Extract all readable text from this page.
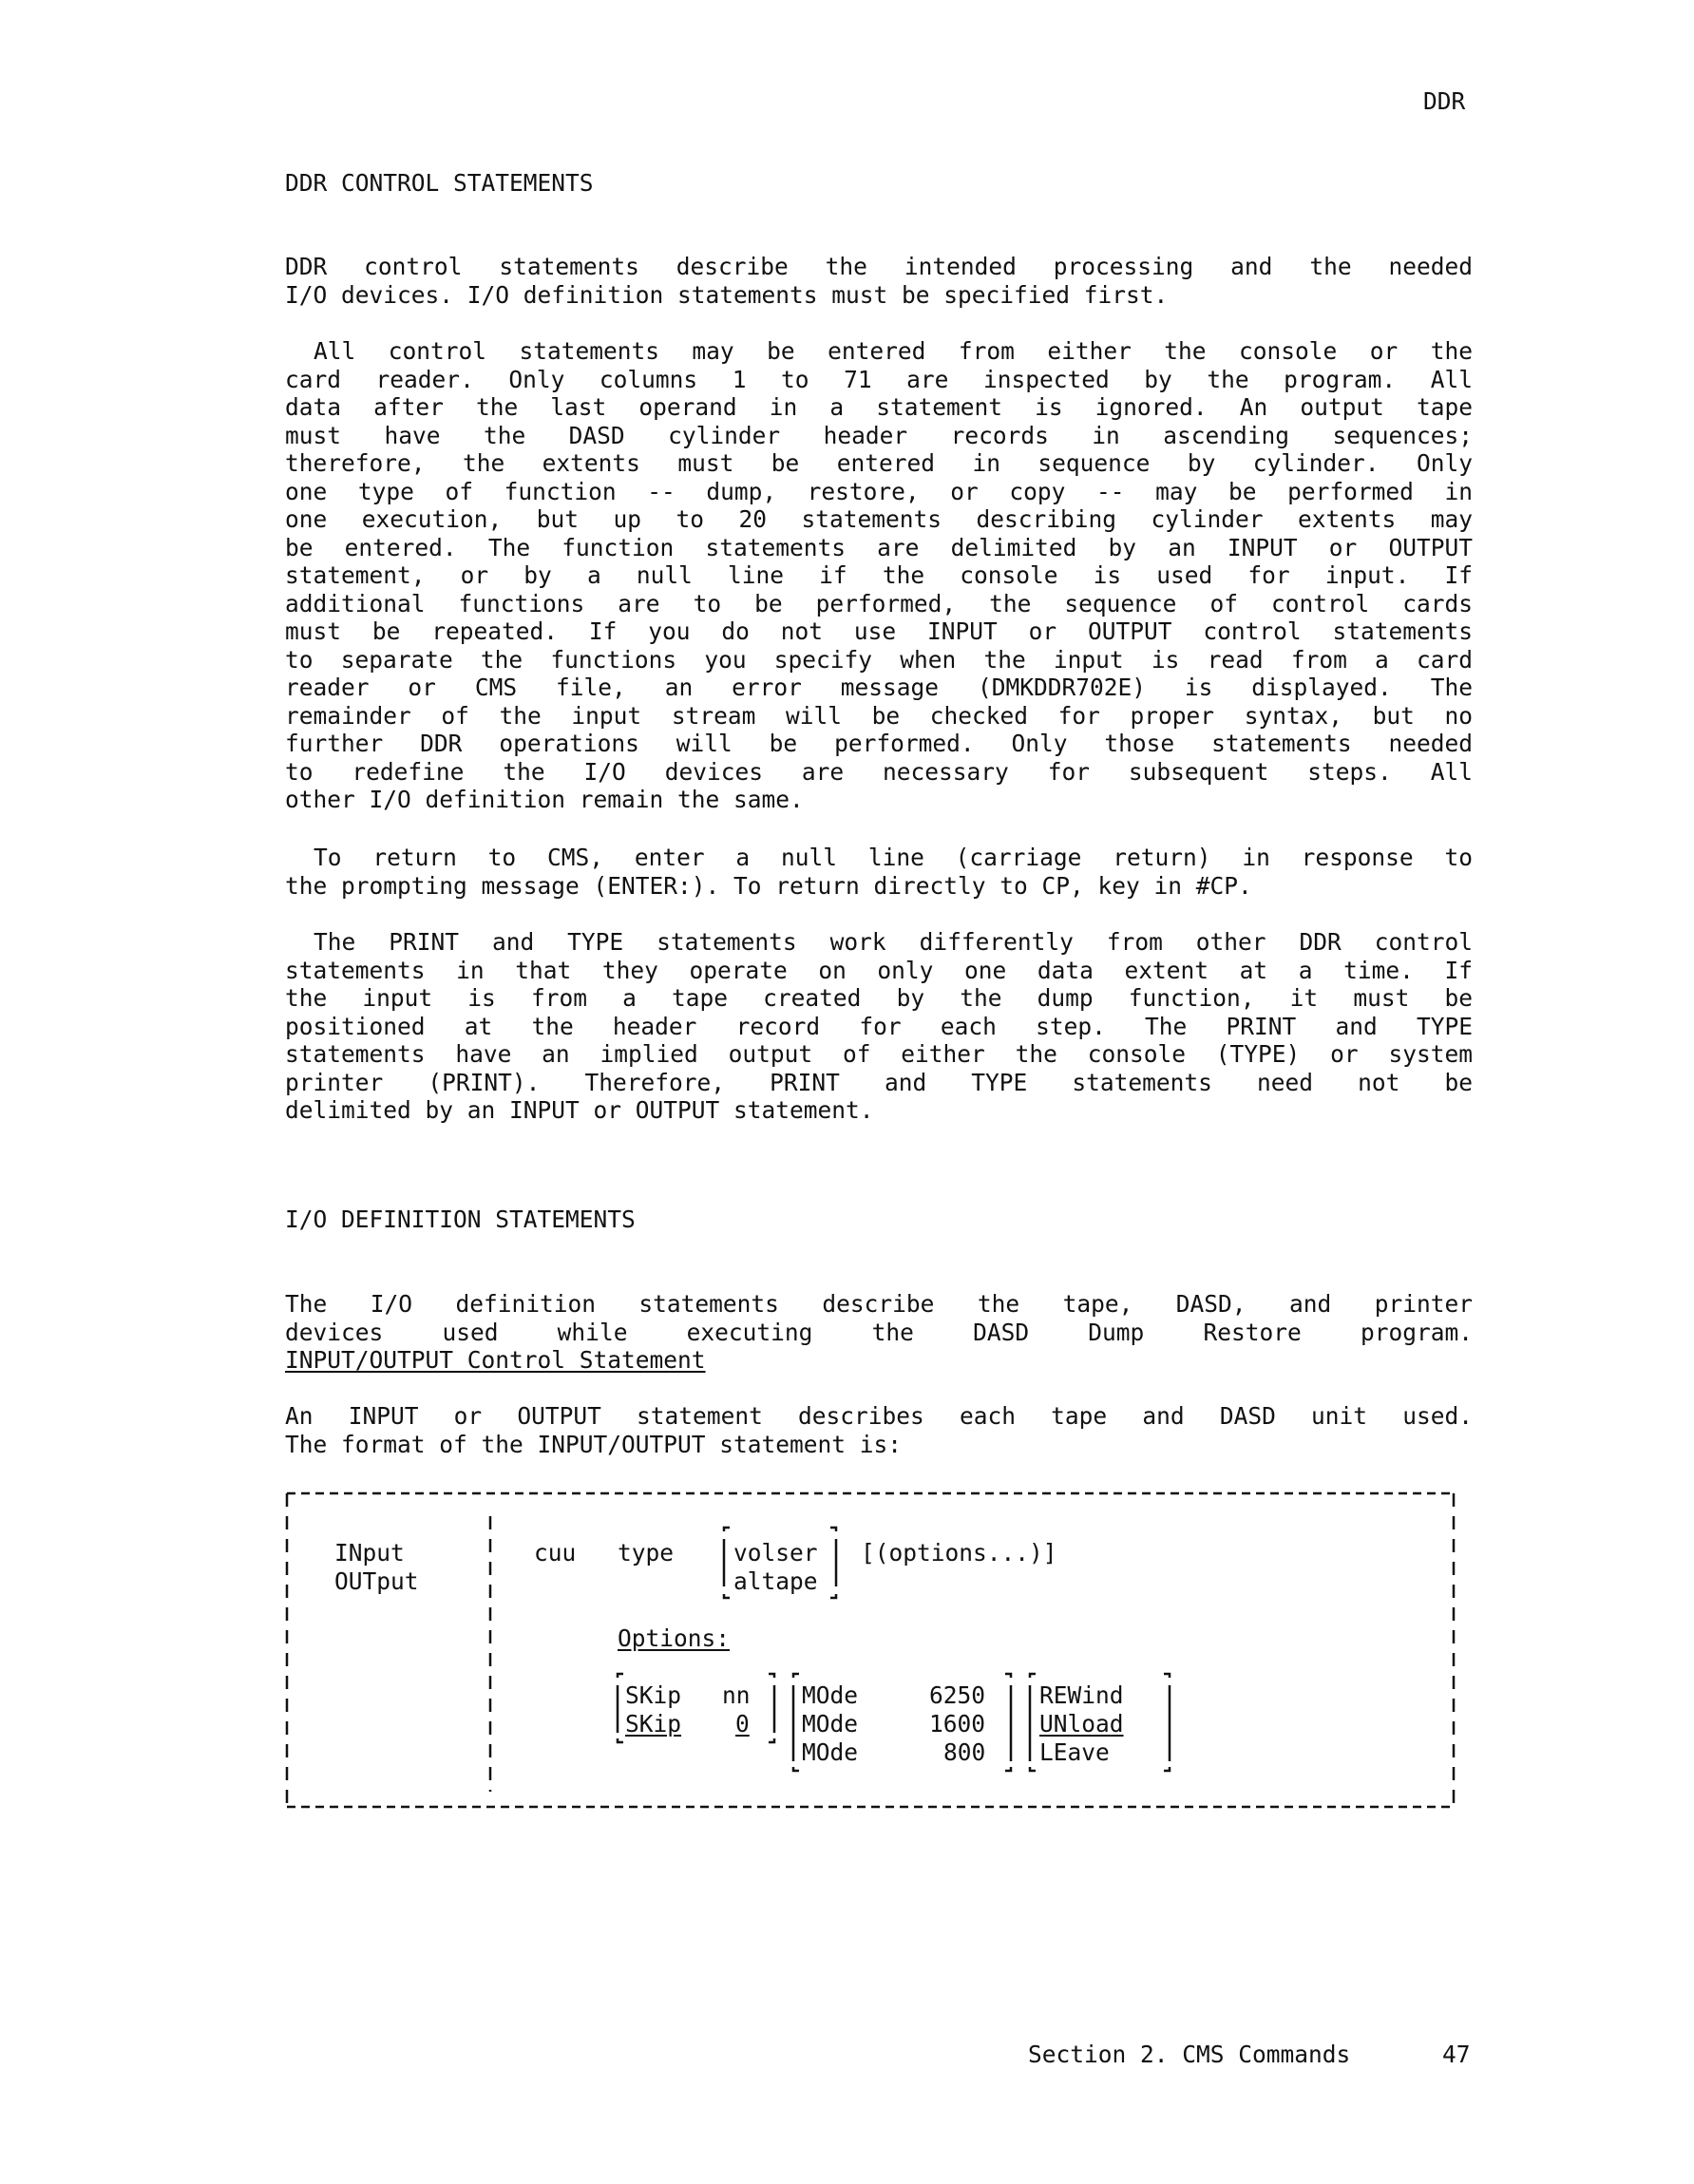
DDR
DDR CONTROL STATEMENTS
DDR control statements describe the intended processing and the needed
I/O devices. I/O definition statements must be specified first.
All control statements may be entered from either the console or the
card reader. Only columns 1 to 71 are inspected by the program. All
data after the last operand in a statement is ignored. An output tape
must have the DASD cylinder header records in ascending sequences;
therefore, the extents must be entered in sequence by cylinder. Only
one type of function -- dump, restore, or copy -- may be performed in
one execution, but up to 20 statements describing cylinder extents may
be entered. The function statements are delimited by an INPUT or OUTPUT
statement, or by a null line if the console is used for input. If
additional functions are to be performed, the sequence of control cards
must be repeated. If you do not use INPUT or OUTPUT control statements
to separate the functions you specify when the input is read from a card
reader or CMS file, an error message (DMKDDR702E) is displayed. The
remainder of the input stream will be checked for proper syntax, but no
further DDR operations will be performed. Only those statements needed
to redefine the I/O devices are necessary for subsequent steps. All
other I/O definition remain the same.
To return to CMS, enter a null line (carriage return) in response to
the prompting message (ENTER:). To return directly to CP, key in #CP.
The PRINT and TYPE statements work differently from other DDR control
statements in that they operate on only one data extent at a time. If
the input is from a tape created by the dump function, it must be
positioned at the header record for each step. The PRINT and TYPE
statements have an implied output of either the console (TYPE) or system
printer (PRINT). Therefore, PRINT and TYPE statements need not be
delimited by an INPUT or OUTPUT statement.
I/O DEFINITION STATEMENTS
The I/O definition statements describe the tape, DASD, and printer
devices used while executing the DASD Dump Restore program.
INPUT/OUTPUT Control Statement
An INPUT or OUTPUT statement describes each tape and DASD unit used.
The format of the INPUT/OUTPUT statement is:
INput
OUTput
cuu type	volser
altape
[(options...)]
Options:
SKip nn
SKip 0
MOde	6250
MOde	1600
MOde	800
REWind
UNload
LEave
Section 2. CMS Commands	47
